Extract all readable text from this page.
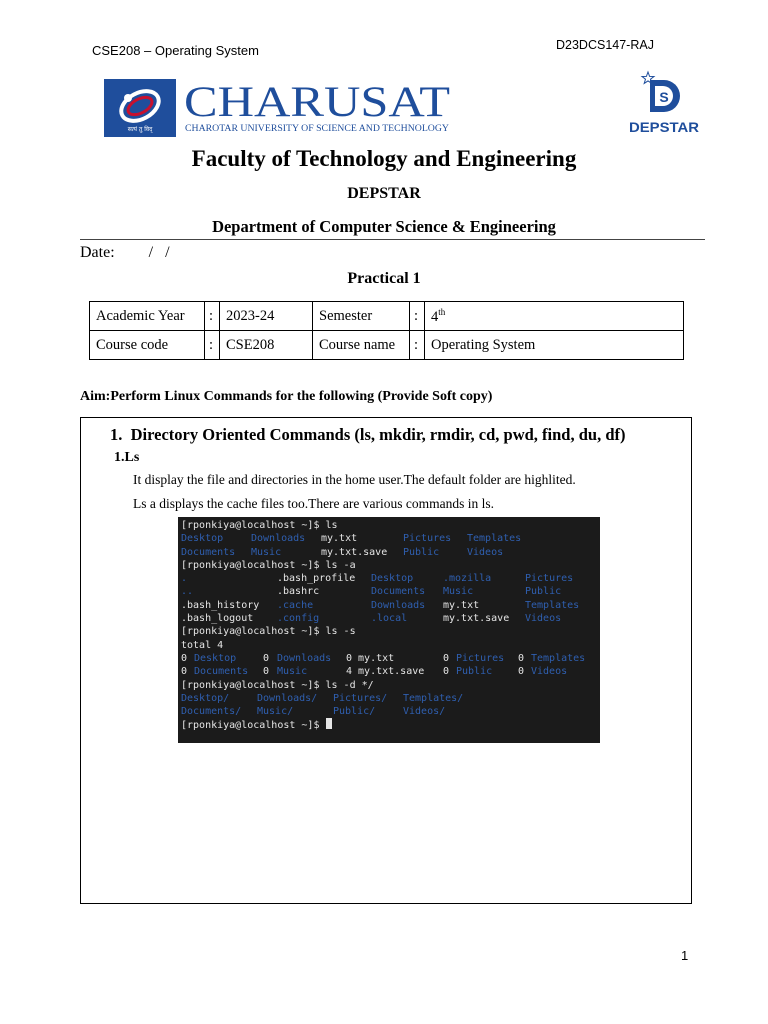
CSE208 – Operating System	D23DCS147-RAJ
सत्यं तु विद्
CHARUSAT
CHAROTAR UNIVERSITY OF SCIENCE AND TECHNOLOGY
S
DEPSTAR
Faculty of Technology and Engineering
DEPSTAR
Department of Computer Science & Engineering
Date: /   /
Practical 1
Academic Year	:	2023-24	Semester	:	4th
Course code	:	CSE208	Course name	:	Operating System
Aim:Perform Linux Commands for the following (Provide Soft copy)
1.  Directory Oriented Commands (ls, mkdir, rmdir, cd, pwd, find, du, df)
1.Ls
It display the file and directories in the home user.The default folder are highlited.
Ls a displays the cache files too.There are various commands in ls.
[rponkiya@localhost ~]$ ls
Desktop	Downloads my.txt	Pictures Templates
Documents Music	my.txt.save Public	Videos
[rponkiya@localhost ~]$ ls -a
.	.bash_profile Desktop	.mozilla	Pictures
..	.bashrc	Documents Music	Public
.bash_history .cache	Downloads my.txt	Templates
.bash_logout .config	.local	my.txt.save Videos
[rponkiya@localhost ~]$ ls -s
total 4
0 Desktop	0 Downloads 0 my.txt	0 Pictures 0 Templates
0 Documents 0 Music	4 my.txt.save 0 Public	0 Videos
[rponkiya@localhost ~]$ ls -d */
Desktop/	Downloads/ Pictures/ Templates/
Documents/ Music/	Public/	Videos/
[rponkiya@localhost ~]$
1
